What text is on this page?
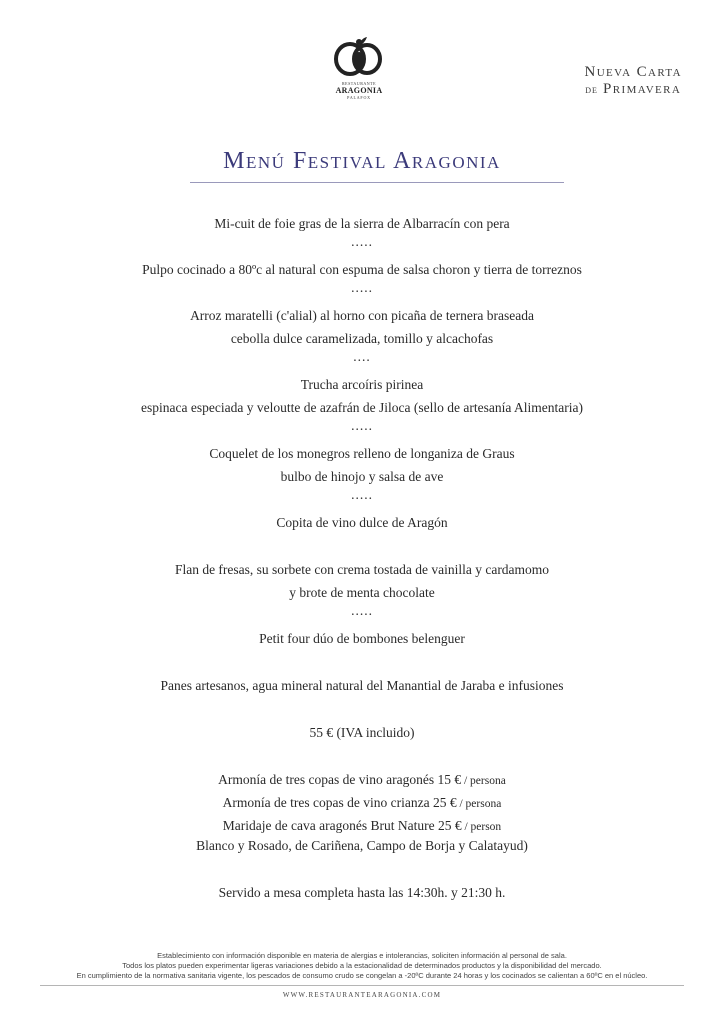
RESTAURANTE
ARAGONIA
PALAFOX
Nueva Carta
de Primavera
Menú Festival Aragonia
Mi-cuit de foie gras de la sierra de Albarracín con pera
.....
Pulpo cocinado a 80ºc al natural con espuma de salsa choron y tierra de torreznos
.....
Arroz maratelli (c'alial) al horno con picaña de ternera braseada
cebolla dulce caramelizada, tomillo y alcachofas
....
Trucha arcoíris pirinea
espinaca especiada y veloutte de azafrán de Jiloca (sello de artesanía Alimentaria)
.....
Coquelet de los monegros relleno de longaniza de Graus
bulbo de hinojo y salsa de ave
.....
Copita de vino dulce de Aragón
Flan de fresas, su sorbete con crema tostada de vainilla y cardamomo
y brote de menta chocolate
.....
Petit four dúo de bombones belenguer
Panes artesanos, agua mineral natural del Manantial de Jaraba e infusiones
55 € (IVA incluido)
Armonía de tres copas de vino aragonés 15 € / persona
Armonía de tres copas de vino crianza 25 € / persona
Maridaje de cava aragonés Brut Nature 25 € / person
Blanco y Rosado, de Cariñena, Campo de Borja y Calatayud)
Servido a mesa completa hasta las 14:30h. y 21:30 h.
Establecimiento con información disponible en materia de alergias e intolerancias, soliciten información al personal de sala.
Todos los platos pueden experimentar ligeras variaciones debido a la estacionalidad de determinados productos y la disponibilidad del mercado.
En cumplimiento de la normativa sanitaria vigente, los pescados de consumo crudo se congelan a -20ºC durante 24 horas y los cocinados se calientan a 60ºC en el núcleo.
WWW.RESTAURANTEARAGONIA.COM
